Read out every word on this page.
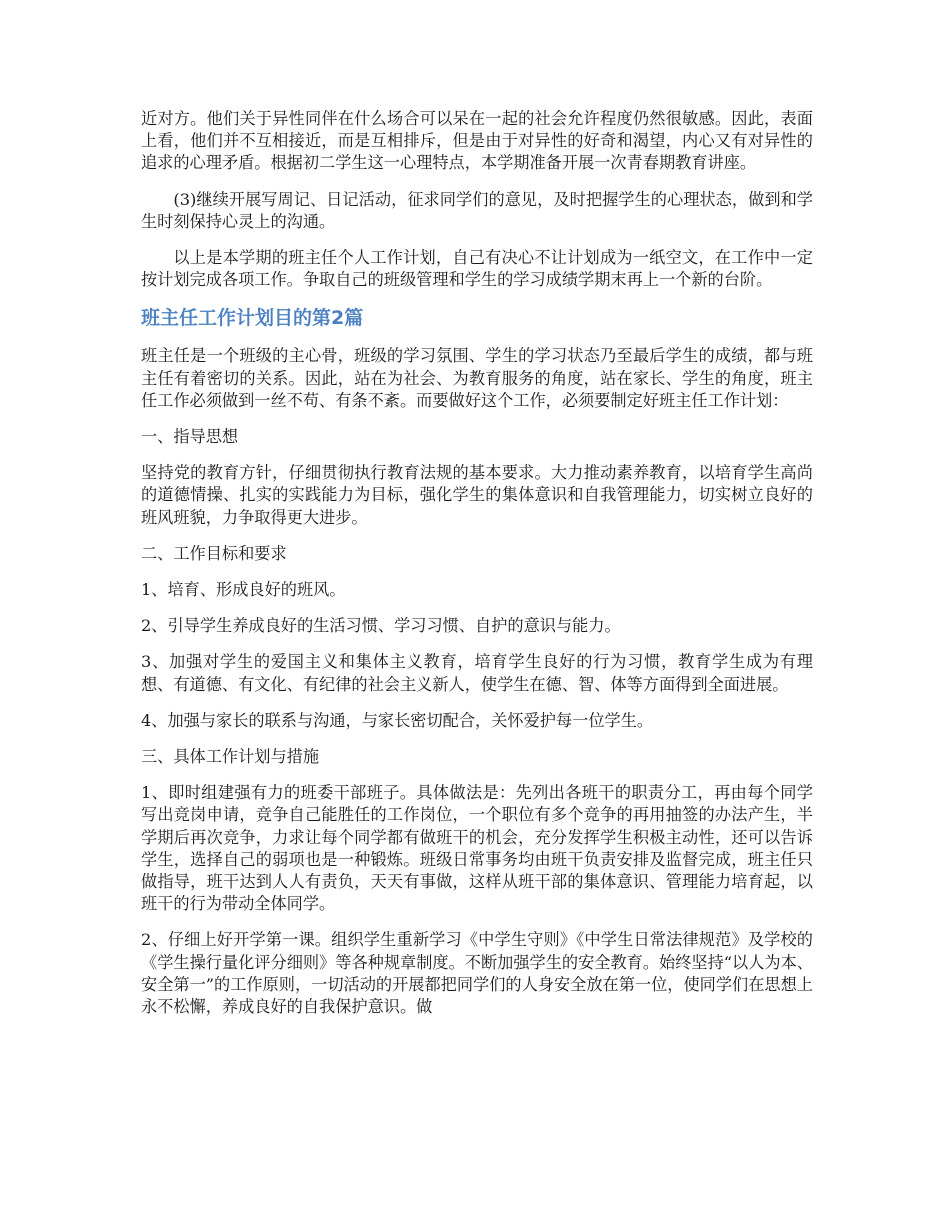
近对方。他们关于异性同伴在什么场合可以呆在一起的社会允许程度仍然很敏感。因此，表面上看，他们并不互相接近，而是互相排斥，但是由于对异性的好奇和渴望，内心又有对异性的追求的心理矛盾。根据初二学生这一心理特点，本学期准备开展一次青春期教育讲座。

(3)继续开展写周记、日记活动，征求同学们的意见，及时把握学生的心理状态，做到和学生时刻保持心灵上的沟通。

以上是本学期的班主任个人工作计划，自己有决心不让计划成为一纸空文，在工作中一定按计划完成各项工作。争取自己的班级管理和学生的学习成绩学期末再上一个新的台阶。

班主任工作计划目的第2篇

班主任是一个班级的主心骨，班级的学习氛围、学生的学习状态乃至最后学生的成绩，都与班主任有着密切的关系。因此，站在为社会、为教育服务的角度，站在家长、学生的角度，班主任工作必须做到一丝不苟、有条不紊。而要做好这个工作，必须要制定好班主任工作计划：

一、指导思想

坚持党的教育方针，仔细贯彻执行教育法规的基本要求。大力推动素养教育，以培育学生高尚的道德情操、扎实的实践能力为目标，强化学生的集体意识和自我管理能力，切实树立良好的班风班貌，力争取得更大进步。

二、工作目标和要求

1、培育、形成良好的班风。

2、引导学生养成良好的生活习惯、学习习惯、自护的意识与能力。

3、加强对学生的爱国主义和集体主义教育，培育学生良好的行为习惯，教育学生成为有理想、有道德、有文化、有纪律的社会主义新人，使学生在德、智、体等方面得到全面进展。

4、加强与家长的联系与沟通，与家长密切配合，关怀爱护每一位学生。

三、具体工作计划与措施

1、即时组建强有力的班委干部班子。具体做法是：先列出各班干的职责分工，再由每个同学写出竞岗申请，竞争自己能胜任的工作岗位，一个职位有多个竞争的再用抽签的办法产生，半学期后再次竞争，力求让每个同学都有做班干的机会，充分发挥学生积极主动性，还可以告诉学生，选择自己的弱项也是一种锻炼。班级日常事务均由班干负责安排及监督完成，班主任只做指导，班干达到人人有责负，天天有事做，这样从班干部的集体意识、管理能力培育起，以班干的行为带动全体同学。

2、仔细上好开学第一课。组织学生重新学习《中学生守则》《中学生日常法律规范》及学校的《学生操行量化评分细则》等各种规章制度。不断加强学生的安全教育。始终坚持“以人为本、安全第一”的工作原则，一切活动的开展都把同学们的人身安全放在第一位，使同学们在思想上永不松懈，养成良好的自我保护意识。做
